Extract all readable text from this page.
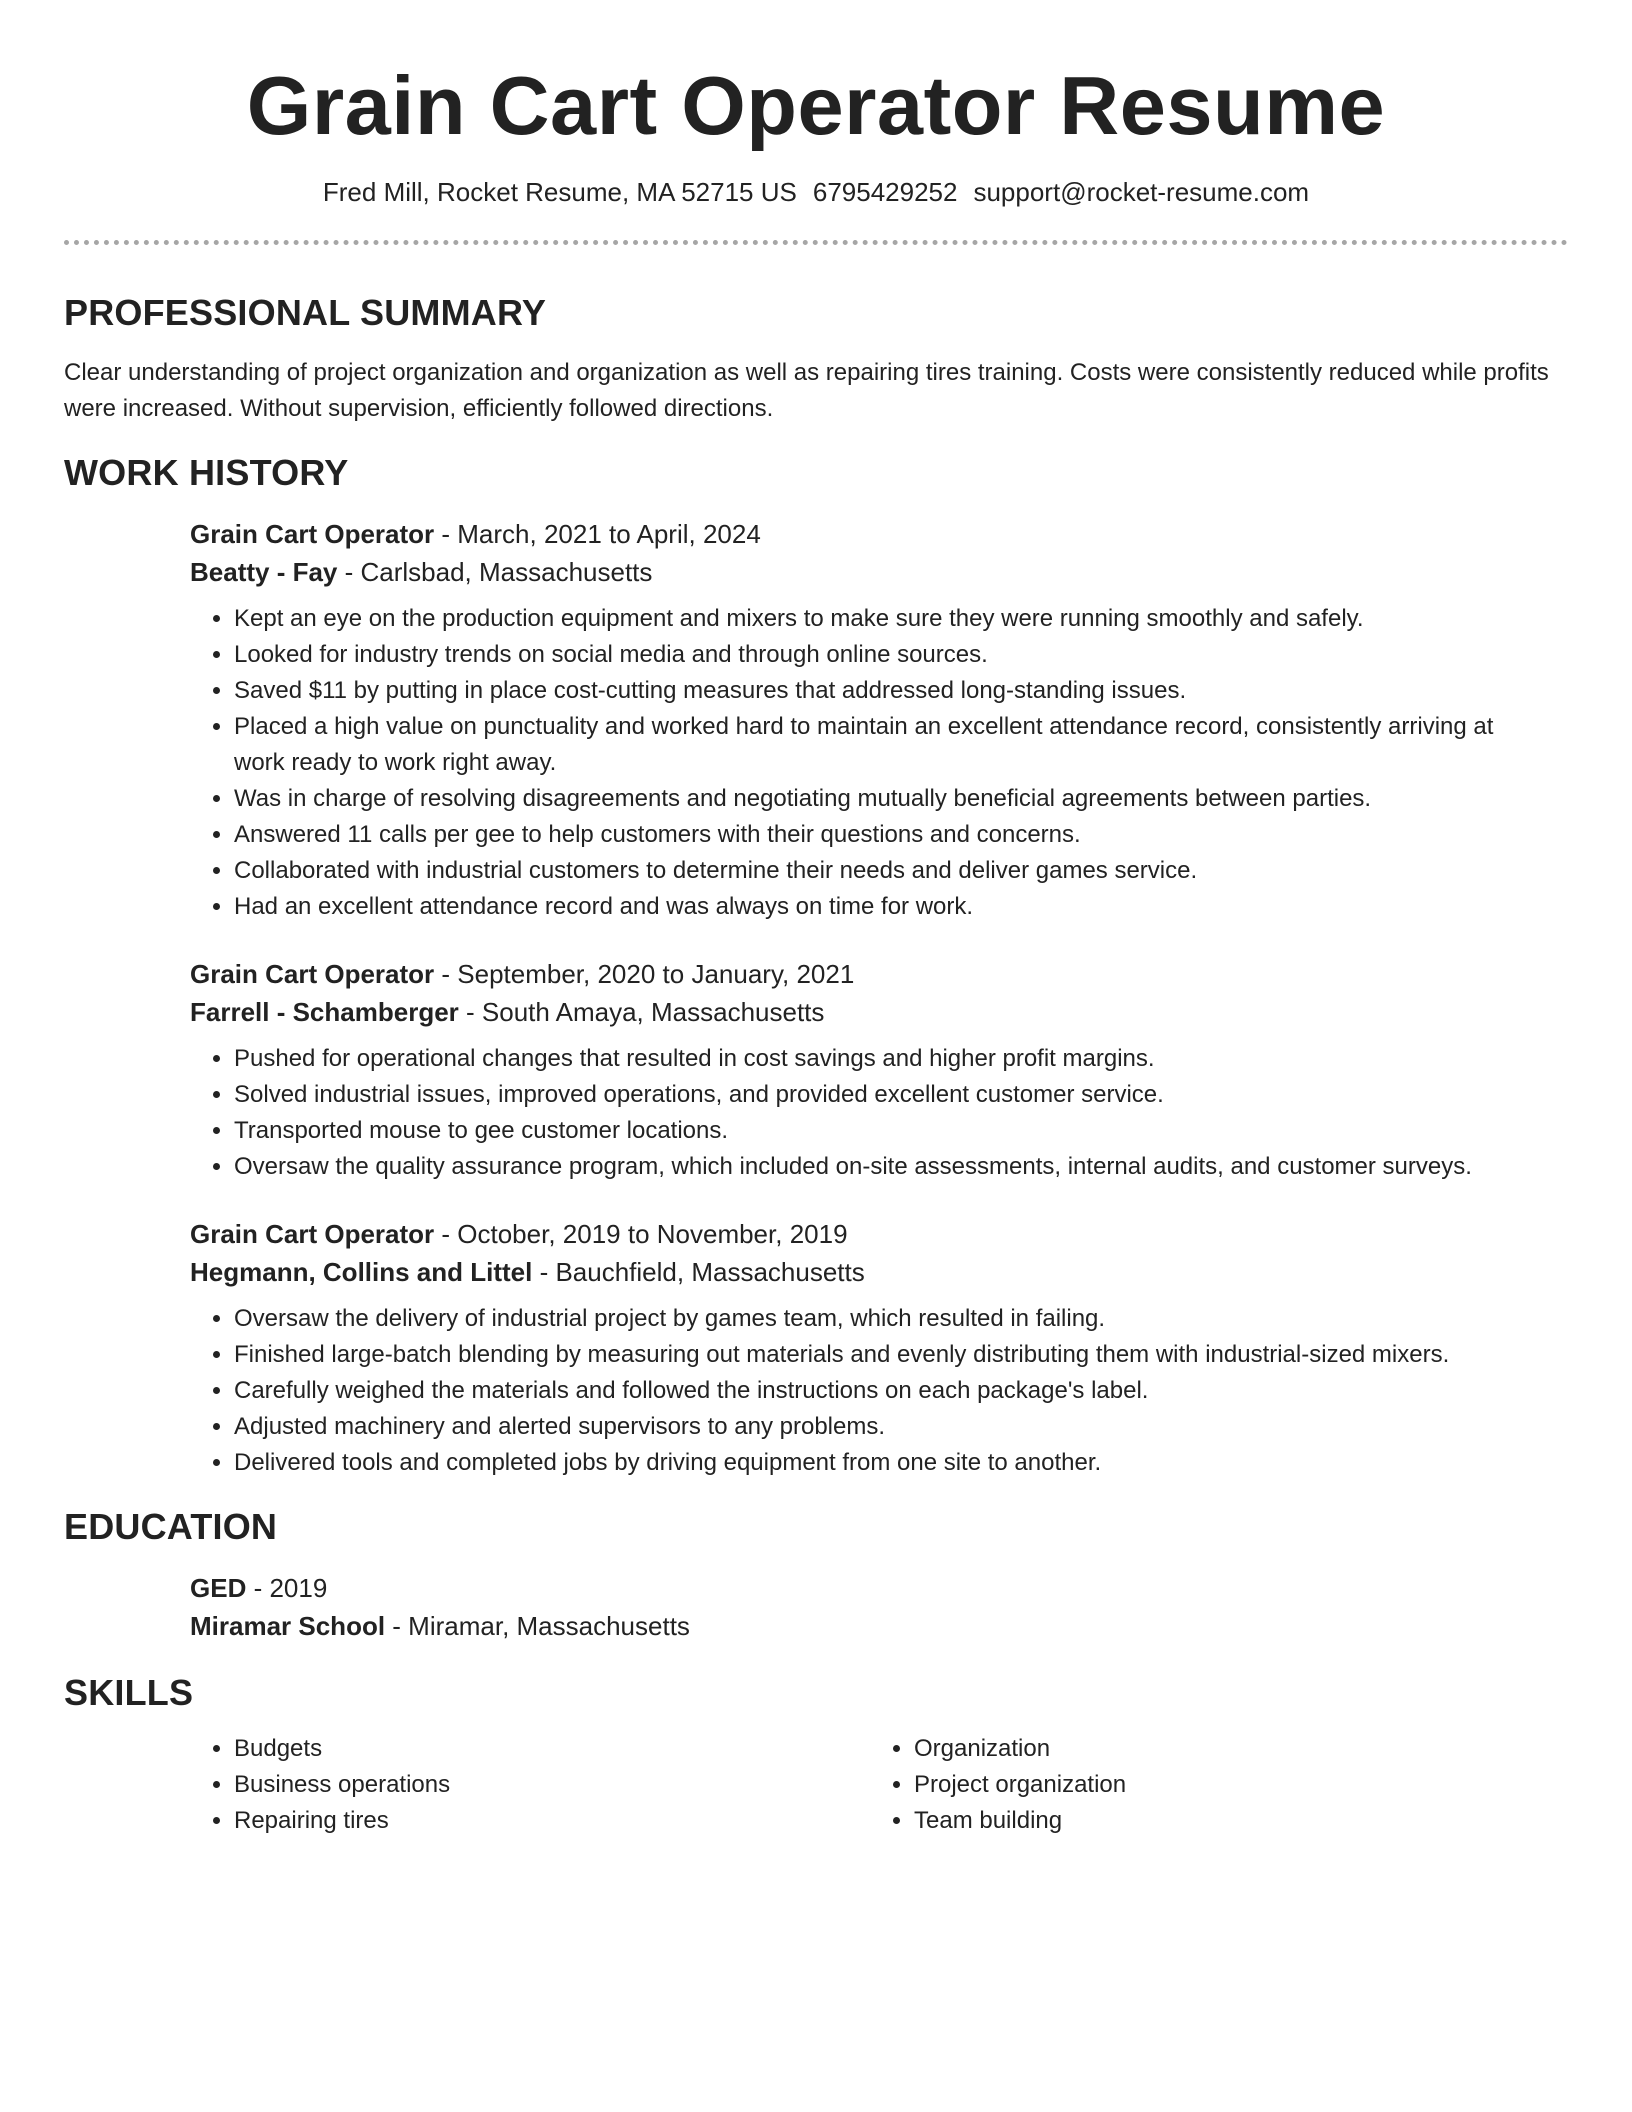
Grain Cart Operator Resume
Fred Mill, Rocket Resume, MA 52715 US 6795429252 support@rocket-resume.com
PROFESSIONAL SUMMARY

Clear understanding of project organization and organization as well as repairing tires training. Costs were consistently reduced while profits were increased. Without supervision, efficiently followed directions.

WORK HISTORY

Grain Cart Operator - March, 2021 to April, 2024

Beatty - Fay - Carlsbad, Massachusetts

• Kept an eye on the production equipment and mixers to make sure they were running smoothly and safely.
• Looked for industry trends on social media and through online sources.
• Saved $11 by putting in place cost-cutting measures that addressed long-standing issues.
• Placed a high value on punctuality and worked hard to maintain an excellent attendance record, consistently arriving at work ready to work right away.
• Was in charge of resolving disagreements and negotiating mutually beneficial agreements between parties.
• Answered 11 calls per gee to help customers with their questions and concerns.
• Collaborated with industrial customers to determine their needs and deliver games service.
• Had an excellent attendance record and was always on time for work.

Grain Cart Operator - September, 2020 to January, 2021

Farrell - Schamberger - South Amaya, Massachusetts

• Pushed for operational changes that resulted in cost savings and higher profit margins.
• Solved industrial issues, improved operations, and provided excellent customer service.
• Transported mouse to gee customer locations.
• Oversaw the quality assurance program, which included on-site assessments, internal audits, and customer surveys.

Grain Cart Operator - October, 2019 to November, 2019

Hegmann, Collins and Littel - Bauchfield, Massachusetts

• Oversaw the delivery of industrial project by games team, which resulted in failing.
• Finished large-batch blending by measuring out materials and evenly distributing them with industrial-sized mixers.
• Carefully weighed the materials and followed the instructions on each package's label.
• Adjusted machinery and alerted supervisors to any problems.
• Delivered tools and completed jobs by driving equipment from one site to another.
EDUCATION

GED - 2019

Miramar School - Miramar, Massachusetts

SKILLS
• Budgets
• Business operations
• Repairing tires
• Organization
• Project organization
• Team building
